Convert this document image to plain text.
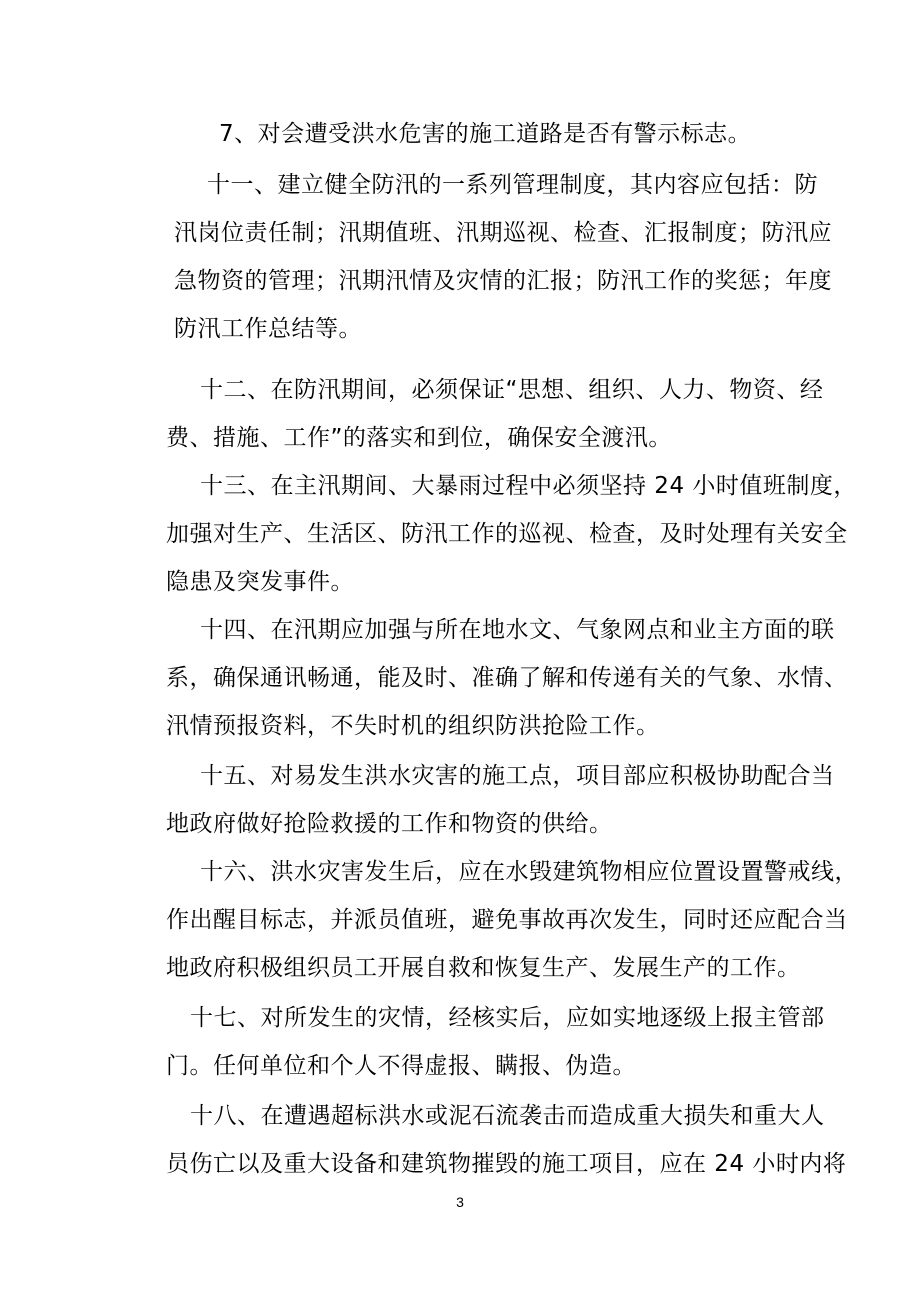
7、对会遭受洪水危害的施工道路是否有警示标志。
十一、建立健全防汛的一系列管理制度，其内容应包括：防
汛岗位责任制；汛期值班、汛期巡视、检查、汇报制度；防汛应
急物资的管理；汛期汛情及灾情的汇报；防汛工作的奖惩；年度
防汛工作总结等。
十二、在防汛期间，必须保证“思想、组织、人力、物资、经
费、措施、工作”的落实和到位，确保安全渡汛。
十三、在主汛期间、大暴雨过程中必须坚持 24 小时值班制度，
加强对生产、生活区、防汛工作的巡视、检查，及时处理有关安全
隐患及突发事件。
十四、在汛期应加强与所在地水文、气象网点和业主方面的联
系，确保通讯畅通，能及时、准确了解和传递有关的气象、水情、
汛情预报资料，不失时机的组织防洪抢险工作。
十五、对易发生洪水灾害的施工点，项目部应积极协助配合当
地政府做好抢险救援的工作和物资的供给。
十六、洪水灾害发生后，应在水毁建筑物相应位置设置警戒线，
作出醒目标志，并派员值班，避免事故再次发生，同时还应配合当
地政府积极组织员工开展自救和恢复生产、发展生产的工作。
十七、对所发生的灾情，经核实后，应如实地逐级上报主管部
门。任何单位和个人不得虚报、瞒报、伪造。
十八、在遭遇超标洪水或泥石流袭击而造成重大损失和重大人
员伤亡以及重大设备和建筑物摧毁的施工项目，应在 24 小时内将
3
